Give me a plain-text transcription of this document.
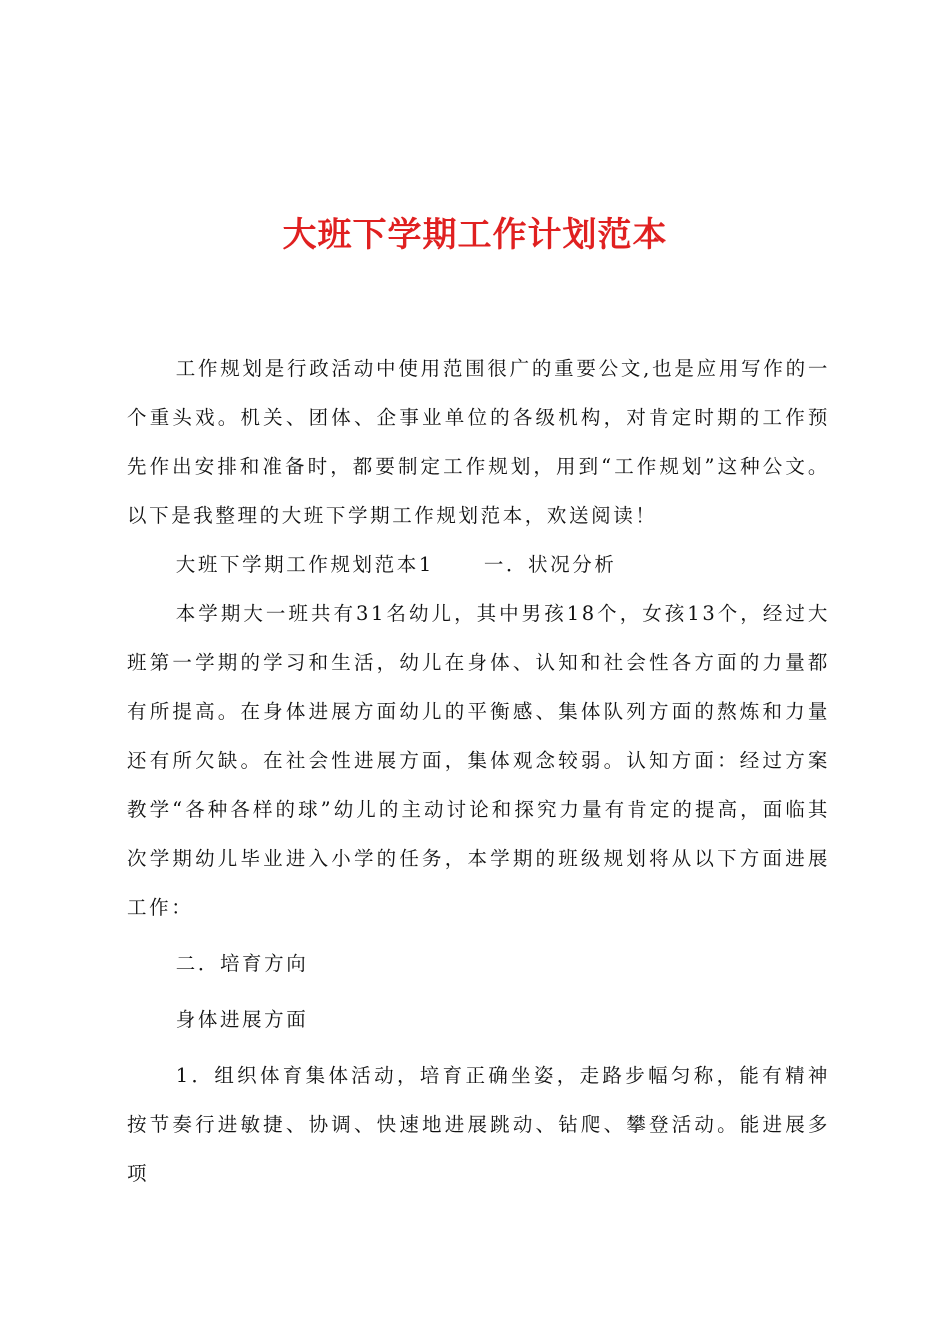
大班下学期工作计划范本

工作规划是行政活动中使用范围很广的重要公文,也是应用写作的一个重头戏。机关、团体、企事业单位的各级机构，对肯定时期的工作预先作出安排和准备时，都要制定工作规划，用到“工作规划”这种公文。以下是我整理的大班下学期工作规划范本，欢送阅读！

大班下学期工作规划范本1	一．状况分析

本学期大一班共有31名幼儿，其中男孩18个，女孩13个，经过大班第一学期的学习和生活，幼儿在身体、认知和社会性各方面的力量都有所提高。在身体进展方面幼儿的平衡感、集体队列方面的熬炼和力量还有所欠缺。在社会性进展方面，集体观念较弱。认知方面：经过方案教学“各种各样的球”幼儿的主动讨论和探究力量有肯定的提高，面临其次学期幼儿毕业进入小学的任务，本学期的班级规划将从以下方面进展工作：

二．培育方向

身体进展方面

1．组织体育集体活动，培育正确坐姿，走路步幅匀称，能有精神按节奏行进敏捷、协调、快速地进展跳动、钻爬、攀登活动。能进展多项
